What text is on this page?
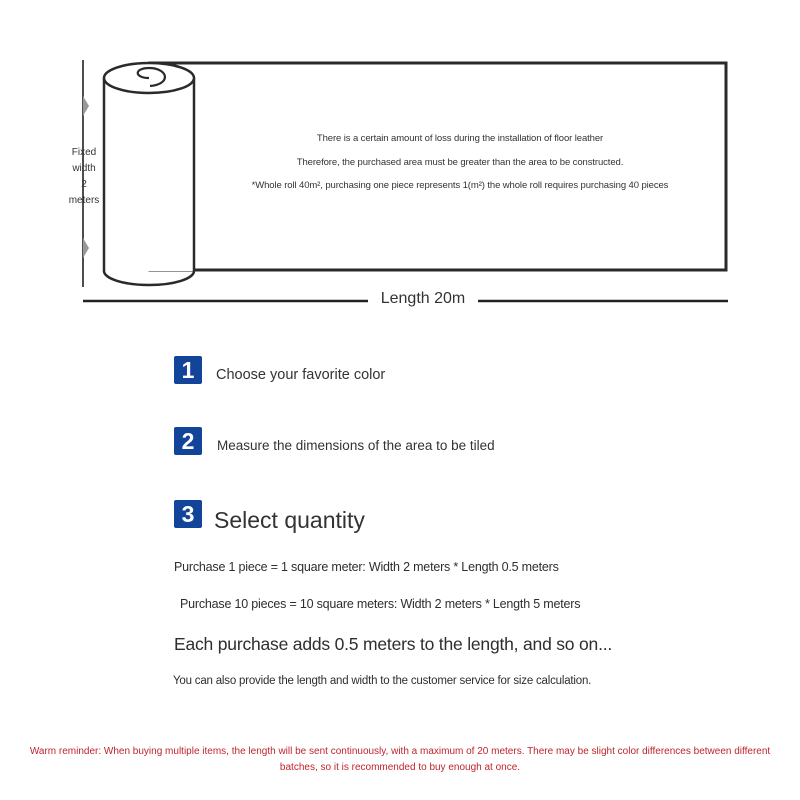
There is a certain amount of loss during the installation of floor leather
Therefore, the purchased area must be greater than the area to be constructed.
*Whole roll 40m², purchasing one piece represents 1(m²) the whole roll requires purchasing 40 pieces
Fixed
width
2
meters
Length 20m
1	Choose your favorite color
2	Measure the dimensions of the area to be tiled
3 Select quantity
Purchase 1 piece = 1 square meter: Width 2 meters * Length 0.5 meters
Purchase 10 pieces = 10 square meters: Width 2 meters * Length 5 meters
Each purchase adds 0.5 meters to the length, and so on...
You can also provide the length and width to the customer service for size calculation.
Warm reminder: When buying multiple items, the length will be sent continuously, with a maximum of 20 meters. There may be slight color differences between different batches, so it is recommended to buy enough at once.
